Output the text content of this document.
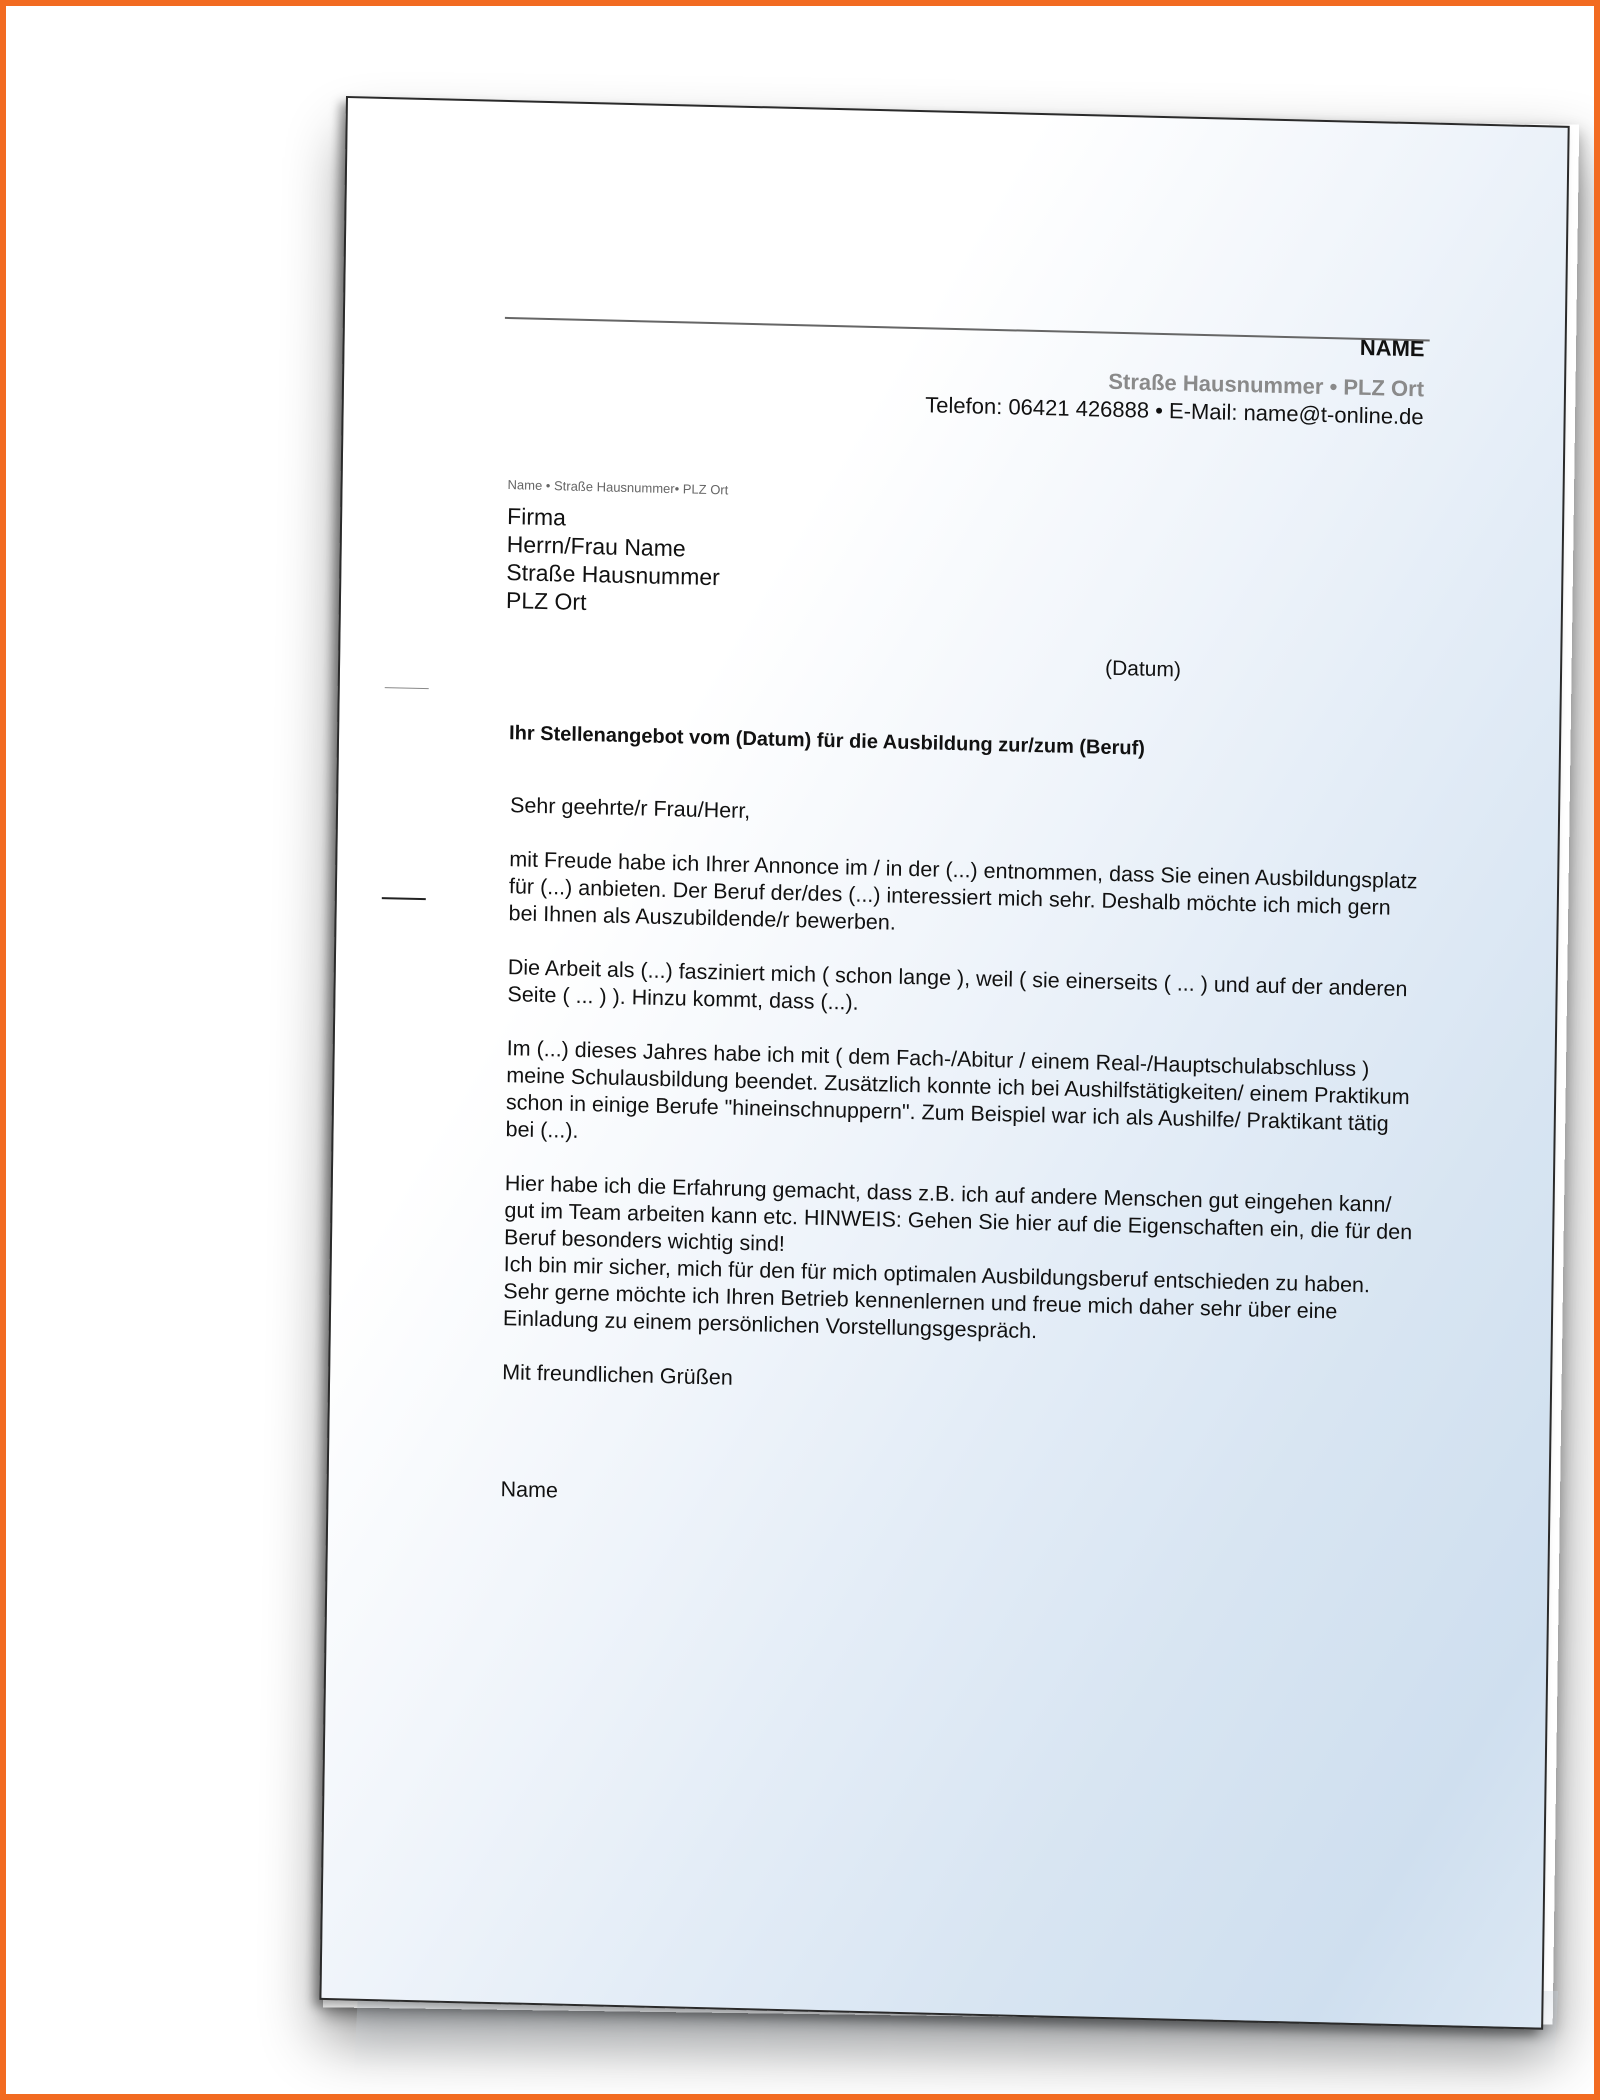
NAME
Straße Hausnummer • PLZ Ort
Telefon: 06421 426888 • E-Mail: name@t-online.de
Name • Straße Hausnummer• PLZ Ort
Firma
Herrn/Frau Name
Straße Hausnummer
PLZ Ort
(Datum)
Ihr Stellenangebot vom (Datum) für die Ausbildung zur/zum (Beruf)

Sehr geehrte/r Frau/Herr,

mit Freude habe ich Ihrer Annonce im / in der (...) entnommen, dass Sie einen Ausbildungsplatz
für (...) anbieten. Der Beruf der/des (...) interessiert mich sehr. Deshalb möchte ich mich gern
bei Ihnen als Auszubildende/r bewerben.

Die Arbeit als (...) fasziniert mich ( schon lange ), weil ( sie einerseits ( ... ) und auf der anderen
Seite ( ... ) ). Hinzu kommt, dass (...).

Im (...) dieses Jahres habe ich mit ( dem Fach-/Abitur / einem Real-/Hauptschulabschluss )
meine Schulausbildung beendet. Zusätzlich konnte ich bei Aushilfstätigkeiten/ einem Praktikum
schon in einige Berufe "hineinschnuppern". Zum Beispiel war ich als Aushilfe/ Praktikant tätig
bei (...).

Hier habe ich die Erfahrung gemacht, dass z.B. ich auf andere Menschen gut eingehen kann/
gut im Team arbeiten kann etc. HINWEIS: Gehen Sie hier auf die Eigenschaften ein, die für den
Beruf besonders wichtig sind!
Ich bin mir sicher, mich für den für mich optimalen Ausbildungsberuf entschieden zu haben.
Sehr gerne möchte ich Ihren Betrieb kennenlernen und freue mich daher sehr über eine
Einladung zu einem persönlichen Vorstellungsgespräch.

Mit freundlichen Grüßen

Name
